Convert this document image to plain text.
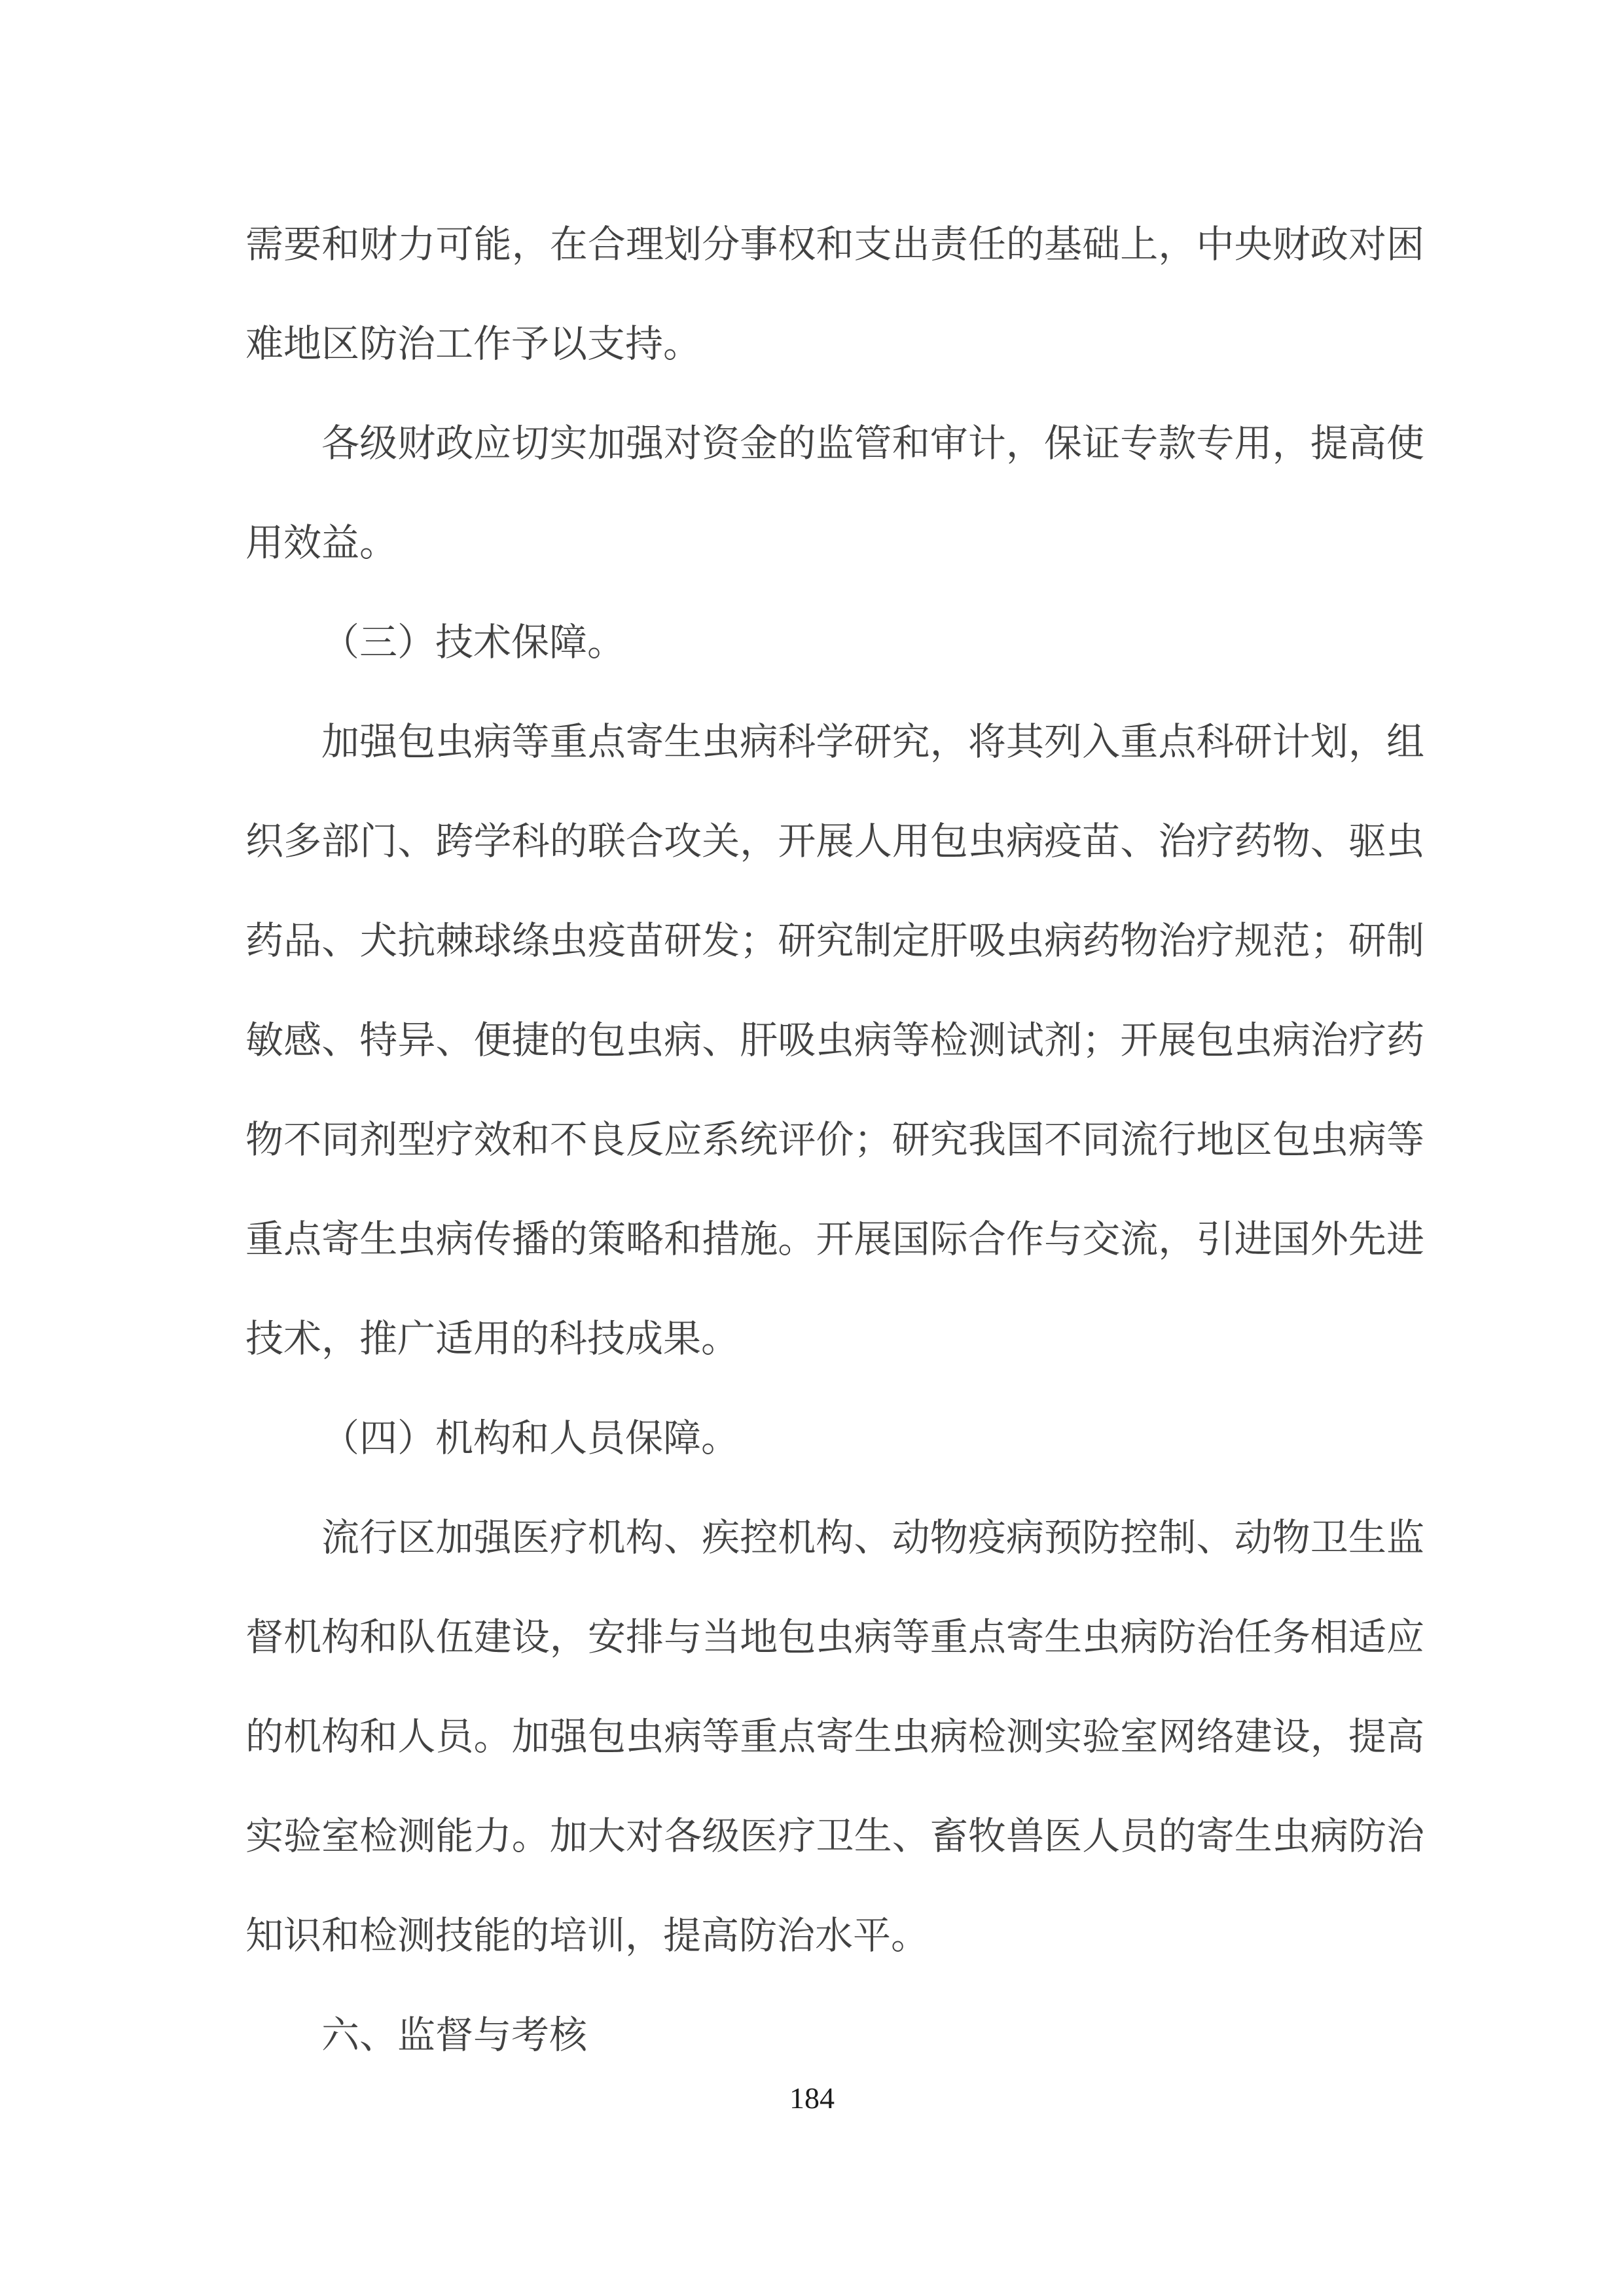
需要和财力可能，在合理划分事权和支出责任的基础上，中央财政对困难地区防治工作予以支持。

各级财政应切实加强对资金的监管和审计，保证专款专用，提高使用效益。

（三）技术保障。

加强包虫病等重点寄生虫病科学研究，将其列入重点科研计划，组织多部门、跨学科的联合攻关，开展人用包虫病疫苗、治疗药物、驱虫药品、犬抗棘球绦虫疫苗研发；研究制定肝吸虫病药物治疗规范；研制敏感、特异、便捷的包虫病、肝吸虫病等检测试剂；开展包虫病治疗药物不同剂型疗效和不良反应系统评价；研究我国不同流行地区包虫病等重点寄生虫病传播的策略和措施。开展国际合作与交流，引进国外先进技术，推广适用的科技成果。

（四）机构和人员保障。

流行区加强医疗机构、疾控机构、动物疫病预防控制、动物卫生监督机构和队伍建设，安排与当地包虫病等重点寄生虫病防治任务相适应的机构和人员。加强包虫病等重点寄生虫病检测实验室网络建设，提高实验室检测能力。加大对各级医疗卫生、畜牧兽医人员的寄生虫病防治知识和检测技能的培训，提高防治水平。

六、监督与考核

184
